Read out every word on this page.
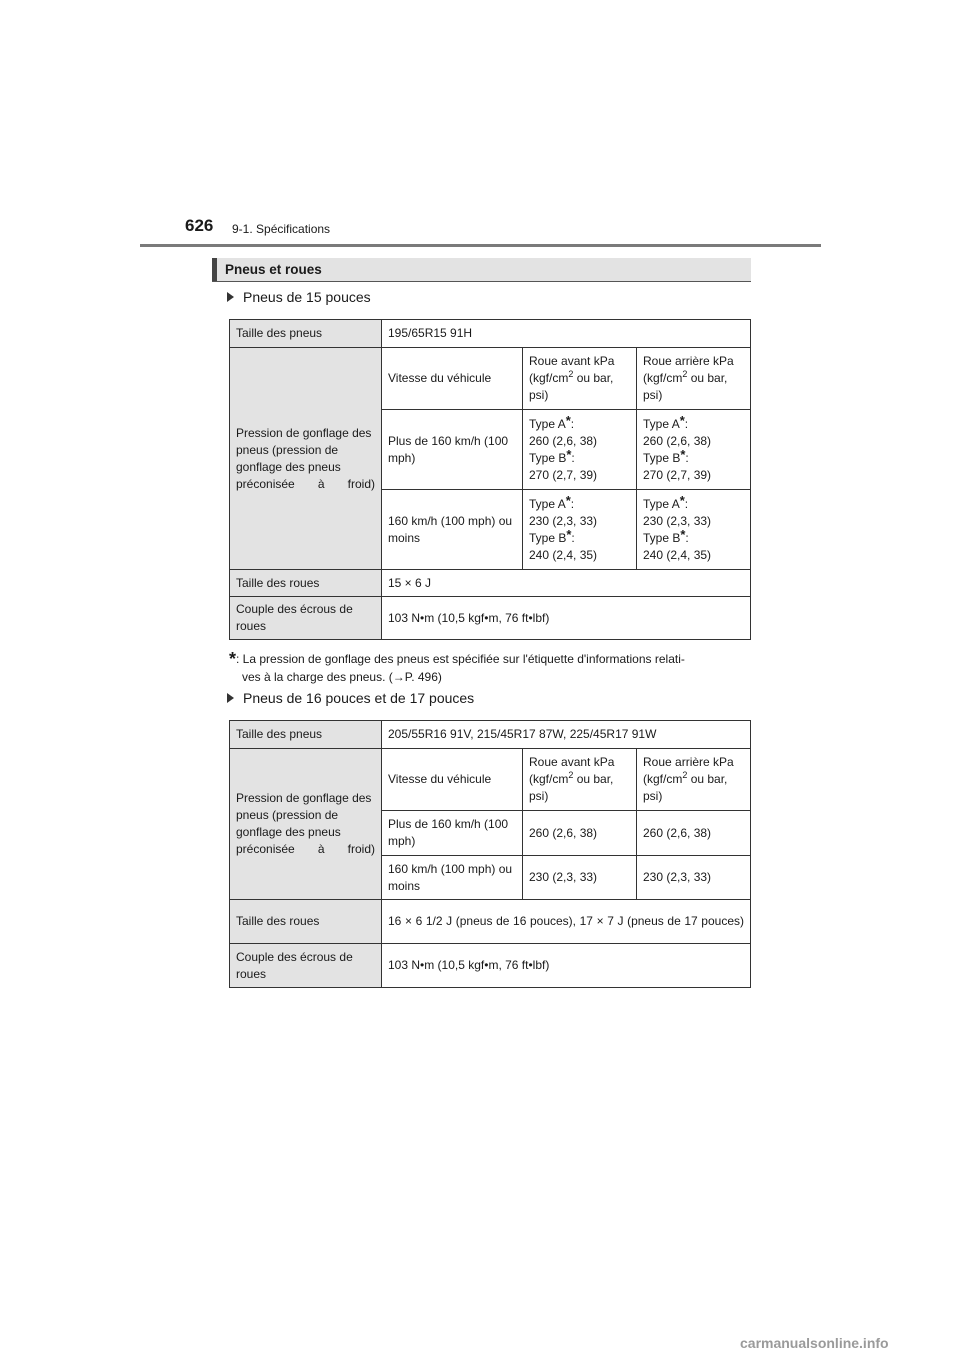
626 9-1. Spécifications
Pneus et roues
Pneus de 15 pouces
Taille des pneus	195/65R15 91H		
Pression de gonflage des pneus (pression de gonflage des pneus préconisée à froid)	Vitesse du véhicule	Roue avant kPa ($kgf/cm^2$ ou bar, psi)	Roue arrière kPa ($kgf/cm^2$ ou bar, psi)
	Plus de 160 km/h (100 mph)	Type A*:
260 (2,6, 38)
Type B*:
270 (2,7, 39)	Type A*:
260 (2,6, 38)
Type B*:
270 (2,7, 39)
	160 km/h (100 mph) ou moins	Type A*:
230 (2,3, 33)
Type B*:
240 (2,4, 35)	Type A*:
230 (2,3, 33)
Type B*:
240 (2,4, 35)
Taille des roues	15 × 6 J		
Couple des écrous de roues	103 N•m (10,5 kgf•m, 76 ft•lbf)		
*: La pression de gonflage des pneus est spécifiée sur l'étiquette d'informations relati-
ves à la charge des pneus. (→P. 496)
Pneus de 16 pouces et de 17 pouces
Taille des pneus	205/55R16 91V, 215/45R17 87W, 225/45R17 91W		
Pression de gonflage des pneus (pression de gonflage des pneus préconisée à froid)	Vitesse du véhicule	Roue avant kPa ($kgf/cm^2$ ou bar, psi)	Roue arrière kPa ($kgf/cm^2$ ou bar, psi)
	Plus de 160 km/h (100 mph)	260 (2,6, 38)	260 (2,6, 38)
	160 km/h (100 mph) ou moins	230 (2,3, 33)	230 (2,3, 33)
Taille des roues	16 × 6 1/2 J (pneus de 16 pouces), 17 × 7 J (pneus de 17 pouces)		
Couple des écrous de roues	103 N•m (10,5 kgf•m, 76 ft•lbf)		
carmanualsonline.info
